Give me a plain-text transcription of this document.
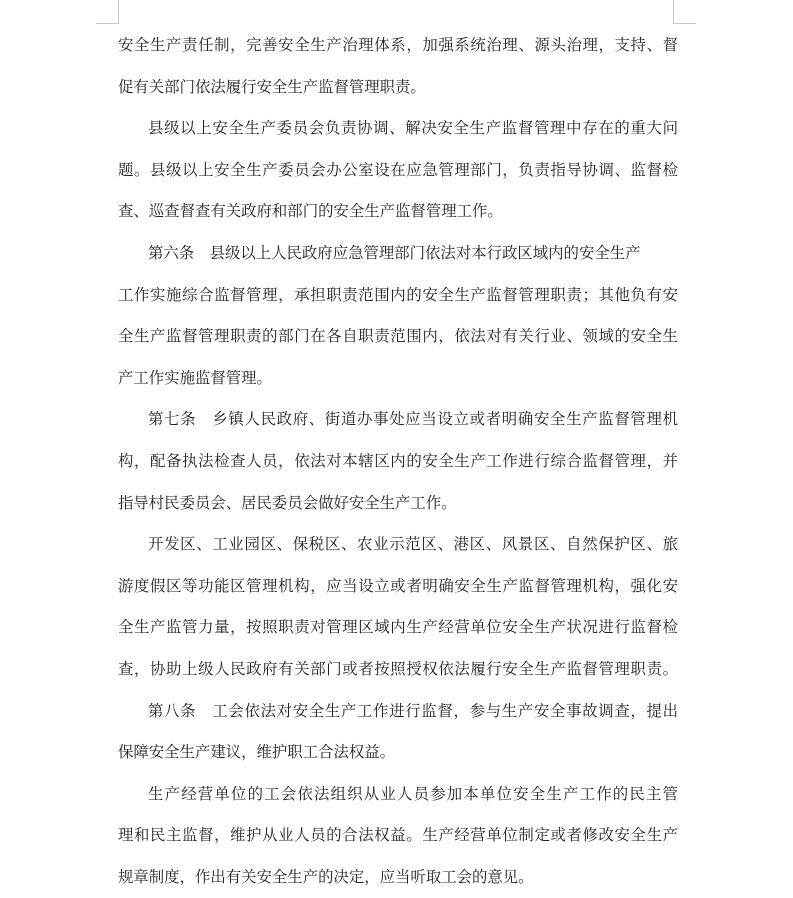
安全生产责任制，完善安全生产治理体系，加强系统治理、源头治理，支持、督
促有关部门依法履行安全生产监督管理职责。
县级以上安全生产委员会负责协调、解决安全生产监督管理中存在的重大问
题。县级以上安全生产委员会办公室设在应急管理部门，负责指导协调、监督检
查、巡查督查有关政府和部门的安全生产监督管理工作。
第六条　县级以上人民政府应急管理部门依法对本行政区域内的安全生产
工作实施综合监督管理，承担职责范围内的安全生产监督管理职责；其他负有安
全生产监督管理职责的部门在各自职责范围内，依法对有关行业、领域的安全生
产工作实施监督管理。
第七条　乡镇人民政府、街道办事处应当设立或者明确安全生产监督管理机
构，配备执法检查人员，依法对本辖区内的安全生产工作进行综合监督管理，并
指导村民委员会、居民委员会做好安全生产工作。
开发区、工业园区、保税区、农业示范区、港区、风景区、自然保护区、旅
游度假区等功能区管理机构，应当设立或者明确安全生产监督管理机构，强化安
全生产监管力量，按照职责对管理区域内生产经营单位安全生产状况进行监督检
查，协助上级人民政府有关部门或者按照授权依法履行安全生产监督管理职责。
第八条　工会依法对安全生产工作进行监督，参与生产安全事故调查，提出
保障安全生产建议，维护职工合法权益。
生产经营单位的工会依法组织从业人员参加本单位安全生产工作的民主管
理和民主监督，维护从业人员的合法权益。生产经营单位制定或者修改安全生产
规章制度，作出有关安全生产的决定，应当听取工会的意见。
